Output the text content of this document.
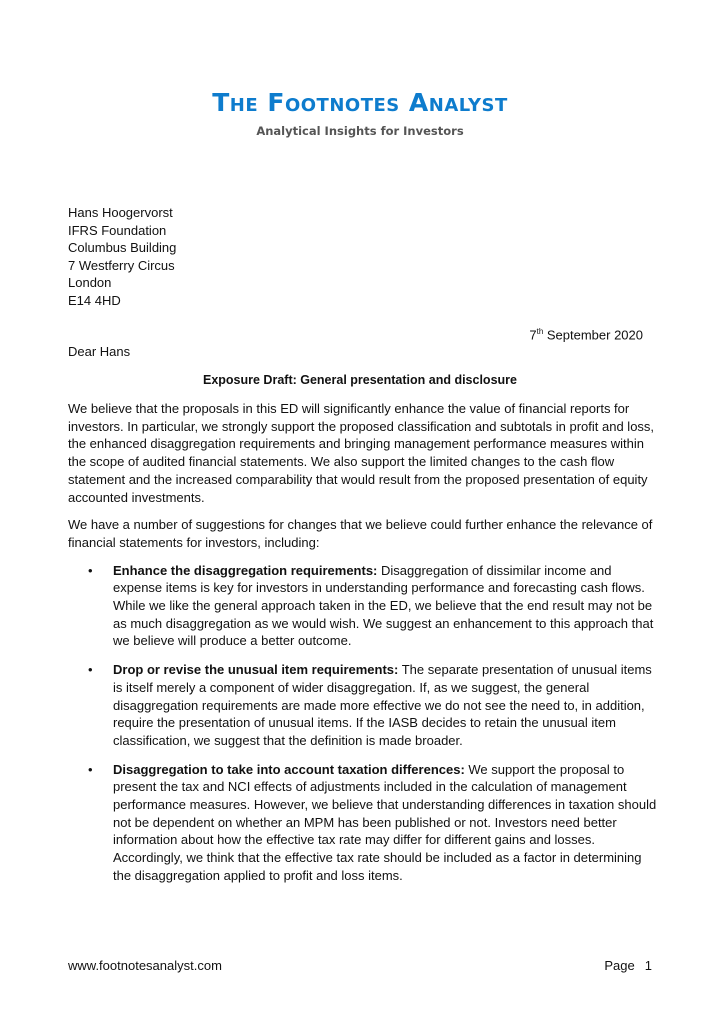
The Footnotes Analyst
Analytical Insights for Investors
Hans Hoogervorst
IFRS Foundation
Columbus Building
7 Westferry Circus
London
E14 4HD
7th September 2020
Dear Hans
Exposure Draft: General presentation and disclosure

We believe that the proposals in this ED will significantly enhance the value of financial reports for investors. In particular, we strongly support the proposed classification and subtotals in profit and loss, the enhanced disaggregation requirements and bringing management performance measures within the scope of audited financial statements. We also support the limited changes to the cash flow statement and the increased comparability that would result from the proposed presentation of equity accounted investments.

We have a number of suggestions for changes that we believe could further enhance the relevance of financial statements for investors, including:

• Enhance the disaggregation requirements: Disaggregation of dissimilar income and expense items is key for investors in understanding performance and forecasting cash flows. While we like the general approach taken in the ED, we believe that the end result may not be as much disaggregation as we would wish. We suggest an enhancement to this approach that we believe will produce a better outcome.
• Drop or revise the unusual item requirements: The separate presentation of unusual items is itself merely a component of wider disaggregation. If, as we suggest, the general disaggregation requirements are made more effective we do not see the need to, in addition, require the presentation of unusual items. If the IASB decides to retain the unusual item classification, we suggest that the definition is made broader.
• Disaggregation to take into account taxation differences: We support the proposal to present the tax and NCI effects of adjustments included in the calculation of management performance measures. However, we believe that understanding differences in taxation should not be dependent on whether an MPM has been published or not. Investors need better information about how the effective tax rate may differ for different gains and losses. Accordingly, we think that the effective tax rate should be included as a factor in determining the disaggregation applied to profit and loss items.
www.footnotesanalyst.com	Page 1
